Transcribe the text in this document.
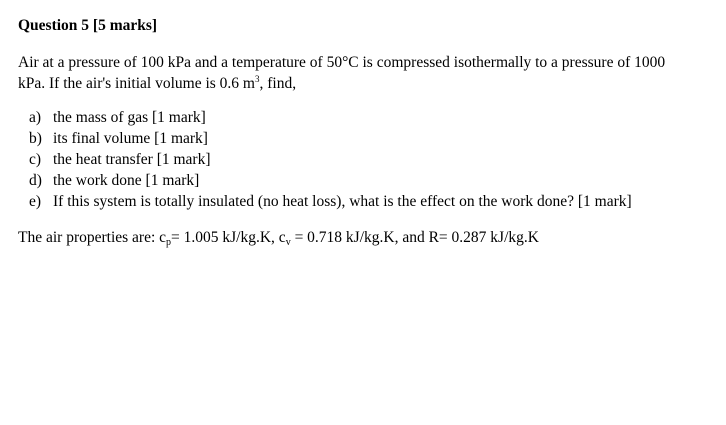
Question 5 [5 marks]
Air at a pressure of 100 kPa and a temperature of 50°C is compressed isothermally to a pressure of 1000
kPa. If the air's initial volume is 0.6 $m^3$, find,
a) the mass of gas [1 mark]
b) its final volume [1 mark]
c) the heat transfer [1 mark]
d) the work done [1 mark]
e) If this system is totally insulated (no heat loss), what is the effect on the work done? [1 mark]
The air properties are: $c_p= 1.005$ kJ/kg.K, $c_v = 0.718$ kJ/kg.K, and R= 0.287 kJ/kg.K
